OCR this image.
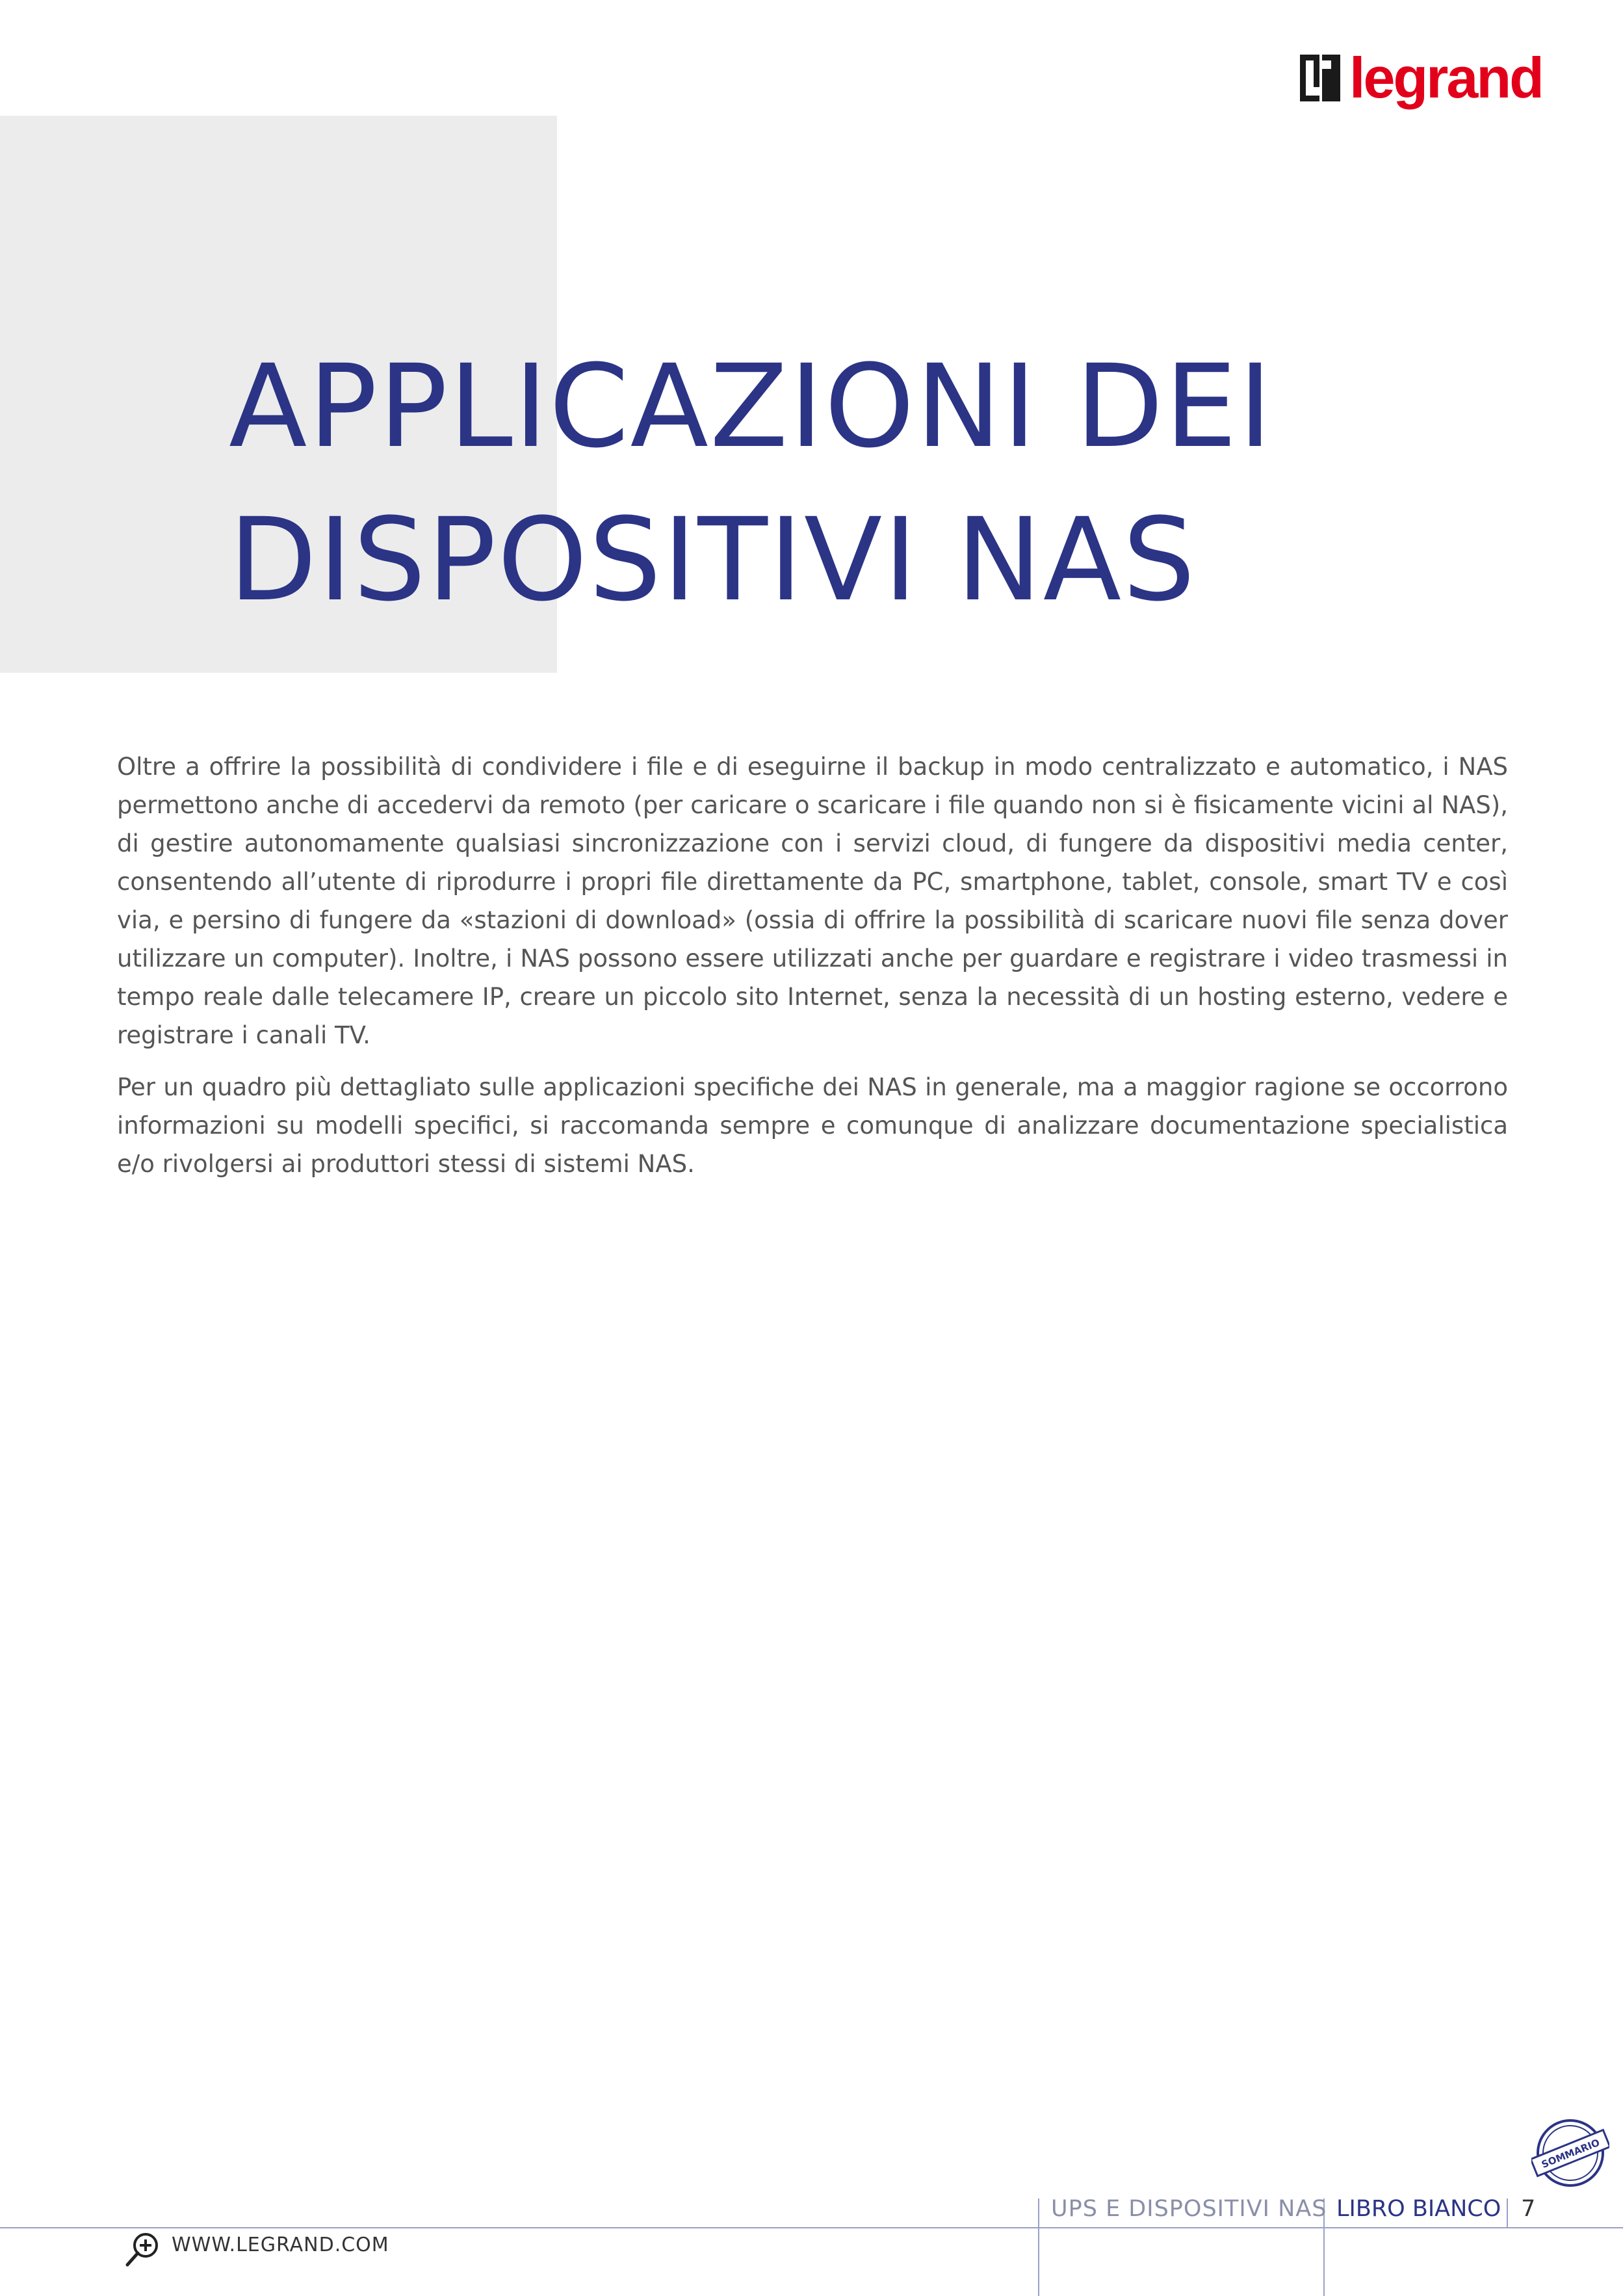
legrand
APPLICAZIONI DEI
DISPOSITIVI NAS

Oltre a offrire la possibilità di condividere i file e di eseguirne il backup in modo centralizzato e automatico, i NAS permettono anche di accedervi da remoto (per caricare o scaricare i file quando non si è fisicamente vicini al NAS), di gestire autonomamente qualsiasi sincronizzazione con i servizi cloud, di fungere da dispositivi media center, consentendo all’utente di riprodurre i propri file direttamente da PC, smartphone, tablet, console, smart TV e così via, e persino di fungere da «stazioni di download» (ossia di offrire la possibilità di scaricare nuovi file senza dover utilizzare un computer). Inoltre, i NAS possono essere utilizzati anche per guardare e registrare i video trasmessi in tempo reale dalle telecamere IP, creare un piccolo sito Internet, senza la necessità di un hosting esterno, vedere e registrare i canali TV.

Per un quadro più dettagliato sulle applicazioni specifiche dei NAS in generale, ma a maggior ragione se occorrono informazioni su modelli specifici, si raccomanda sempre e comunque di analizzare documentazione specialistica e/o rivolgersi ai produttori stessi di sistemi NAS.

SOMMARIO
UPS E DISPOSITIVI NAS LIBRO BIANCO 7
WWW.LEGRAND.COM
